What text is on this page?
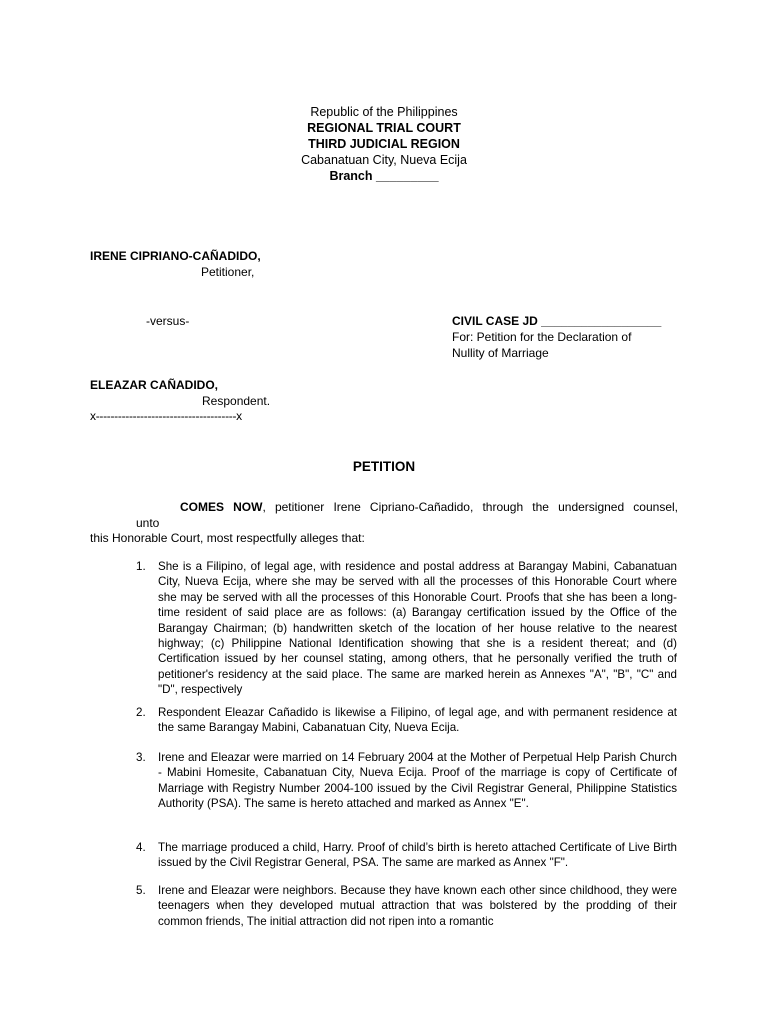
Republic of the Philippines
REGIONAL TRIAL COURT
THIRD JUDICIAL REGION
Cabanatuan City, Nueva Ecija
Branch _________
IRENE CIPRIANO-CAÑADIDO,
Petitioner,
-versus-	CIVIL CASE JD __________________
For: Petition for the Declaration of
Nullity of Marriage
ELEAZAR CAÑADIDO,
Respondent.
x--------------------------------------x
PETITION
COMES NOW, petitioner Irene Cipriano-Cañadido, through the undersigned counsel,
unto
this Honorable Court, most respectfully alleges that:
1. She is a Filipino, of legal age, with residence and postal address at Barangay Mabini, Cabanatuan City, Nueva Ecija, where she may be served with all the processes of this Honorable Court where she may be served with all the processes of this Honorable Court. Proofs that she has been a long-time resident of said place are as follows: (a) Barangay certification issued by the Office of the Barangay Chairman; (b) handwritten sketch of the location of her house relative to the nearest highway; (c) Philippine National Identification showing that she is a resident thereat; and (d) Certification issued by her counsel stating, among others, that he personally verified the truth of petitioner's residency at the said place. The same are marked herein as Annexes "A", "B", "C" and "D", respectively
2. Respondent Eleazar Cañadido is likewise a Filipino, of legal age, and with permanent residence at the same Barangay Mabini, Cabanatuan City, Nueva Ecija.
3. Irene and Eleazar were married on 14 February 2004 at the Mother of Perpetual Help Parish Church - Mabini Homesite, Cabanatuan City, Nueva Ecija. Proof of the marriage is copy of Certificate of Marriage with Registry Number 2004-100 issued by the Civil Registrar General, Philippine Statistics Authority (PSA). The same is hereto attached and marked as Annex "E".
4. The marriage produced a child, Harry. Proof of child’s birth is hereto attached Certificate of Live Birth issued by the Civil Registrar General, PSA. The same are marked as Annex "F".
5. Irene and Eleazar were neighbors. Because they have known each other since childhood, they were teenagers when they developed mutual attraction that was bolstered by the prodding of their common friends, The initial attraction did not ripen into a romantic
